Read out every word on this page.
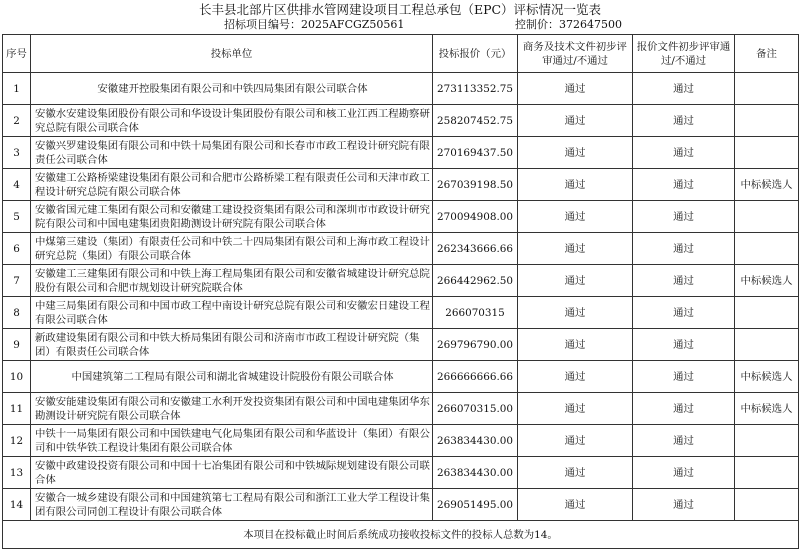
长丰县北部片区供排水管网建设项目工程总承包（EPC）评标情况一览表
招标项目编号：2025AFCGZ50561	控制价：372647500
序号	投标单位	投标报价（元）	商务及技术文件初步评审通过/不通过	报价文件初步评审通过/不通过	备注
1	安徽建开控股集团有限公司和中铁四局集团有限公司联合体	273113352.75	通过	通过	
2	安徽水安建设集团股份有限公司和华设设计集团股份有限公司和核工业江西工程勘察研究总院有限公司联合体	258207452.75	通过	通过	
3	安徽兴罗建设集团有限公司和中铁十局集团有限公司和长春市市政工程设计研究院有限责任公司联合体	270169437.50	通过	通过	
4	安徽建工公路桥梁建设集团有限公司和合肥市公路桥梁工程有限责任公司和天津市政工程设计研究总院有限公司联合体	267039198.50	通过	通过	中标候选人
5	安徽省国元建工集团有限公司和安徽建工建设投资集团有限公司和深圳市市政设计研究院有限公司和中国电建集团贵阳勘测设计研究院有限公司联合体	270094908.00	通过	通过	
6	中煤第三建设（集团）有限责任公司和中铁二十四局集团有限公司和上海市政工程设计研究总院（集团）有限公司联合体	262343666.66	通过	通过	
7	安徽建工三建集团有限公司和中铁上海工程局集团有限公司和安徽省城建设计研究总院股份有限公司和合肥市规划设计研究院联合体	266442962.50	通过	通过	中标候选人
8	中建三局集团有限公司和中国市政工程中南设计研究总院有限公司和安徽宏日建设工程有限公司联合体	266070315	通过	通过	
9	新政建设集团有限公司和中铁大桥局集团有限公司和济南市市政工程设计研究院（集团）有限责任公司联合体	269796790.00	通过	通过	
10	中国建筑第二工程局有限公司和湖北省城建设计院股份有限公司联合体	266666666.66	通过	通过	中标候选人
11	安徽安能建设集团有限公司和安徽建工水利开发投资集团有限公司和中国电建集团华东勘测设计研究院有限公司联合体	266070315.00	通过	通过	中标候选人
12	中铁十一局集团有限公司和中国铁建电气化局集团有限公司和华蓝设计（集团）有限公司和中铁华铁工程设计集团有限公司联合体	263834430.00	通过	通过	
13	安徽中政建设投资有限公司和中国十七冶集团有限公司和中铁城际规划建设有限公司联合体	263834430.00	通过	通过	
14	安徽合一城乡建设有限公司和中国建筑第七工程局有限公司和浙江工业大学工程设计集团有限公司同创工程设计有限公司联合体	269051495.00	通过	通过	
本项目在投标截止时间后系统成功接收投标文件的投标人总数为14。					
